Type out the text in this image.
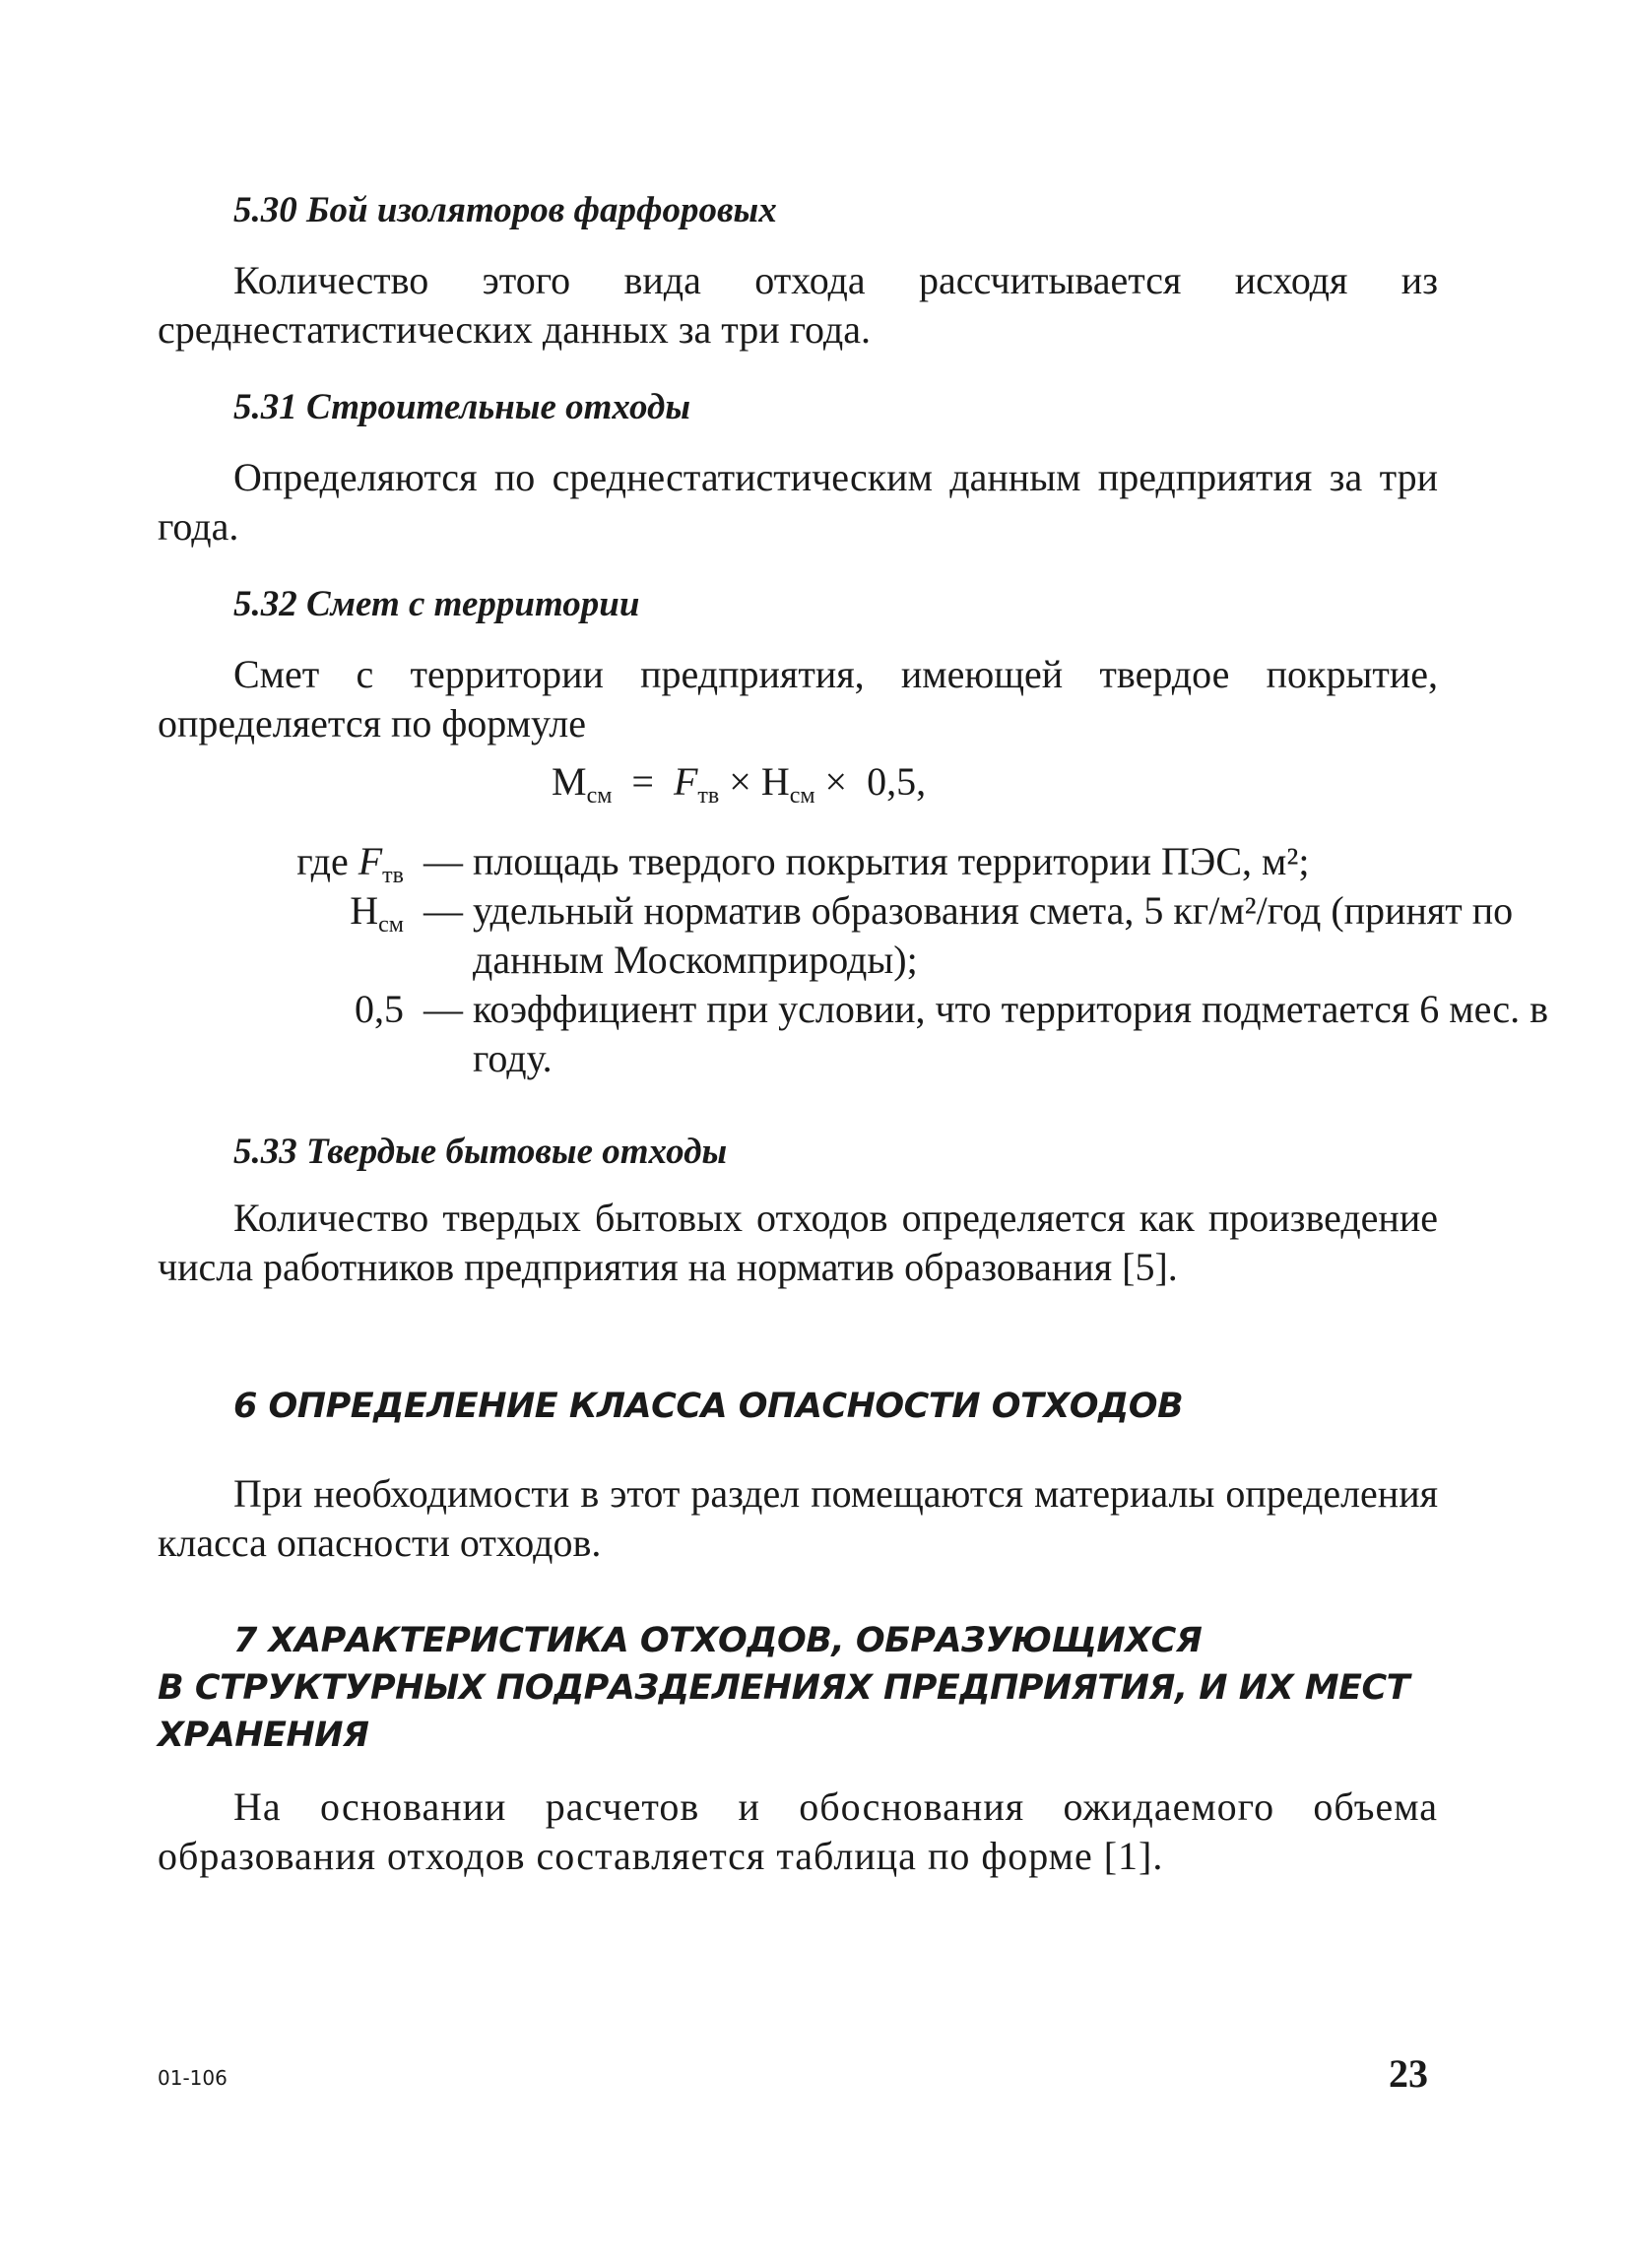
5.30 Бой изоляторов фарфоровых

Количество этого вида отхода рассчитывается исходя из среднестатистических данных за три года.

5.31 Строительные отходы

Определяются по среднестатистическим данным предприятия за три года.

5.32 Смет с территории

Смет с территории предприятия, имеющей твердое покрытие, определяется по формуле

$М_{см} = F_{тв} \times Н_{см} \times 0,5$,
где $F_{тв}$ — площадь твердого покрытия территории ПЭС, м²;
$Н_{см}$ — удельный норматив образования смета, 5 кг/м²/год (принят по данным Москомприроды);
0,5 — коэффициент при условии, что территория подметается 6 мес. в году.
5.33 Твердые бытовые отходы

Количество твердых бытовых отходов определяется как произведение числа работников предприятия на норматив образования [5].

6 ОПРЕДЕЛЕНИЕ КЛАССА ОПАСНОСТИ ОТХОДОВ

При необходимости в этот раздел помещаются материалы определения класса опасности отходов.

7 ХАРАКТЕРИСТИКА ОТХОДОВ, ОБРАЗУЮЩИХСЯ
В СТРУКТУРНЫХ ПОДРАЗДЕЛЕНИЯХ ПРЕДПРИЯТИЯ, И ИХ МЕСТ
ХРАНЕНИЯ

На основании расчетов и обоснования ожидаемого объема образования отходов составляется таблица по форме [1].

01-106	23
